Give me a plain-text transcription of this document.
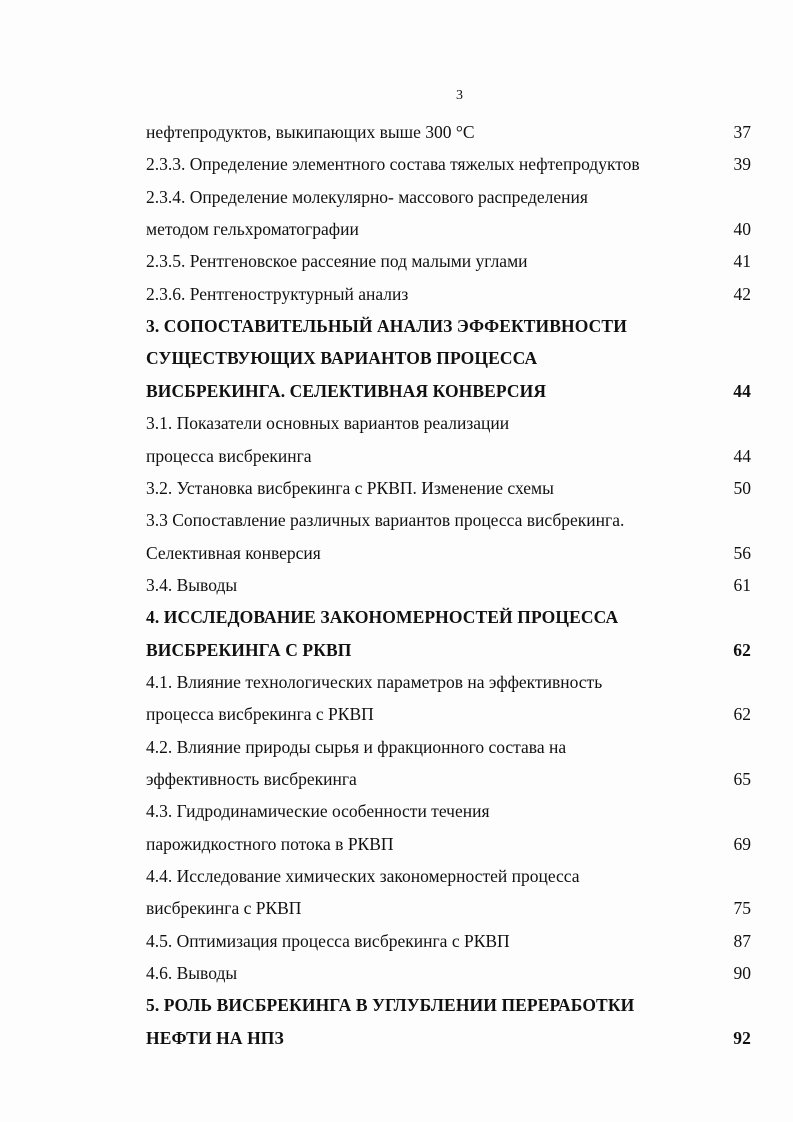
3
нефтепродуктов, выкипающих выше 300 °С	37
2.3.3. Определение элементного состава тяжелых нефтепродуктов	39
2.3.4. Определение молекулярно- массового распределения
методом гельхроматографии	40
2.3.5. Рентгеновское рассеяние под малыми углами	41
2.3.6. Рентгеноструктурный анализ	42
3. СОПОСТАВИТЕЛЬНЫЙ АНАЛИЗ ЭФФЕКТИВНОСТИ
СУЩЕСТВУЮЩИХ ВАРИАНТОВ ПРОЦЕССА
ВИСБРЕКИНГА. СЕЛЕКТИВНАЯ КОНВЕРСИЯ	44
3.1. Показатели основных вариантов реализации
процесса висбрекинга	44
3.2. Установка висбрекинга с РКВП. Изменение схемы	50
3.3 Сопоставление различных вариантов процесса висбрекинга.
Селективная конверсия	56
3.4. Выводы	61
4. ИССЛЕДОВАНИЕ ЗАКОНОМЕРНОСТЕЙ ПРОЦЕССА
ВИСБРЕКИНГА С РКВП	62
4.1. Влияние технологических параметров на эффективность
процесса висбрекинга с РКВП	62
4.2. Влияние природы сырья и фракционного состава на
эффективность висбрекинга	65
4.3. Гидродинамические особенности течения
парожидкостного потока в РКВП	69
4.4. Исследование химических закономерностей процесса
висбрекинга с РКВП	75
4.5. Оптимизация процесса висбрекинга с РКВП	87
4.6. Выводы	90
5. РОЛЬ ВИСБРЕКИНГА В УГЛУБЛЕНИИ ПЕРЕРАБОТКИ
НЕФТИ НА НПЗ	92
